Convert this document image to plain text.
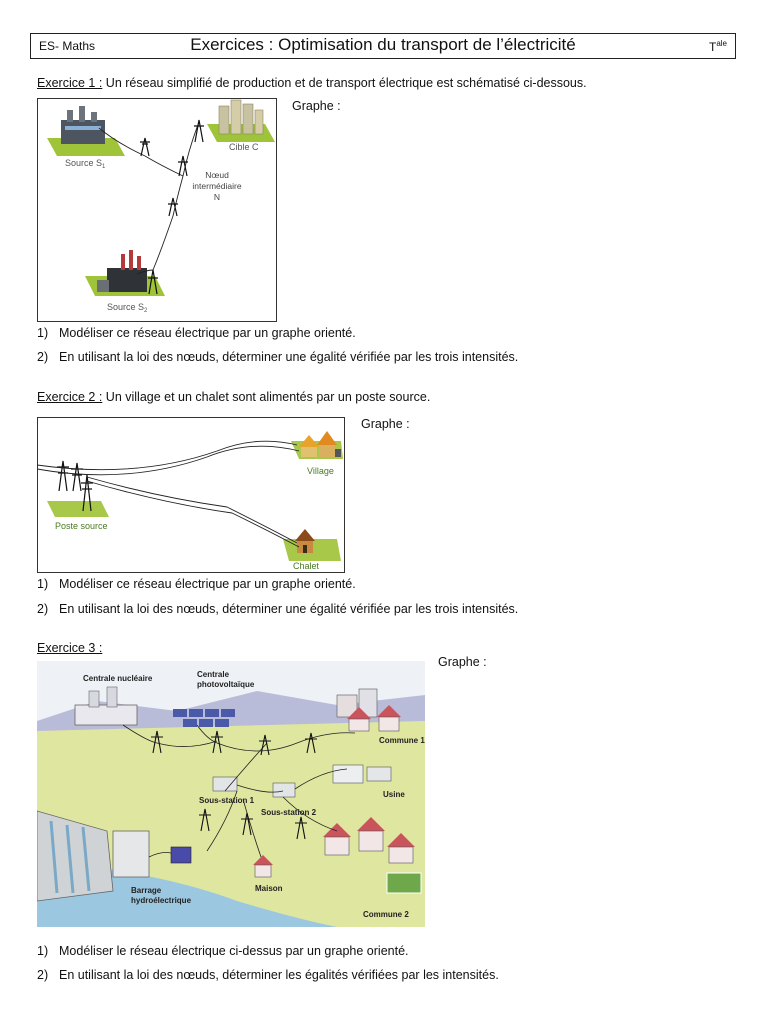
ES- Maths	Exercices : Optimisation du transport de l’électricité	$T^{ale}$
Exercice 1 : Un réseau simplifié de production et de transport électrique est schématisé ci-dessous.
Graphe :
Source $S_1$
Cible C
Nœud
intermédiaire
N
Source $S_2$
1) Modéliser ce réseau électrique par un graphe orienté.
2) En utilisant la loi des nœuds, déterminer une égalité vérifiée par les trois intensités.
Exercice 2 : Un village et un chalet sont alimentés par un poste source.
Graphe :
Village
Poste source
Chalet
1) Modéliser ce réseau électrique par un graphe orienté.
2) En utilisant la loi des nœuds, déterminer une égalité vérifiée par les trois intensités.
Exercice 3 :
Graphe :
Centrale nucléaire	Centrale
photovoltaïque
Commune 1
Usine
Sous-station 1
Sous-station 2
Maison
Barrage
hydroélectrique
Commune 2
1) Modéliser le réseau électrique ci-dessus par un graphe orienté.
2) En utilisant la loi des nœuds, déterminer les égalités vérifiées par les intensités.
